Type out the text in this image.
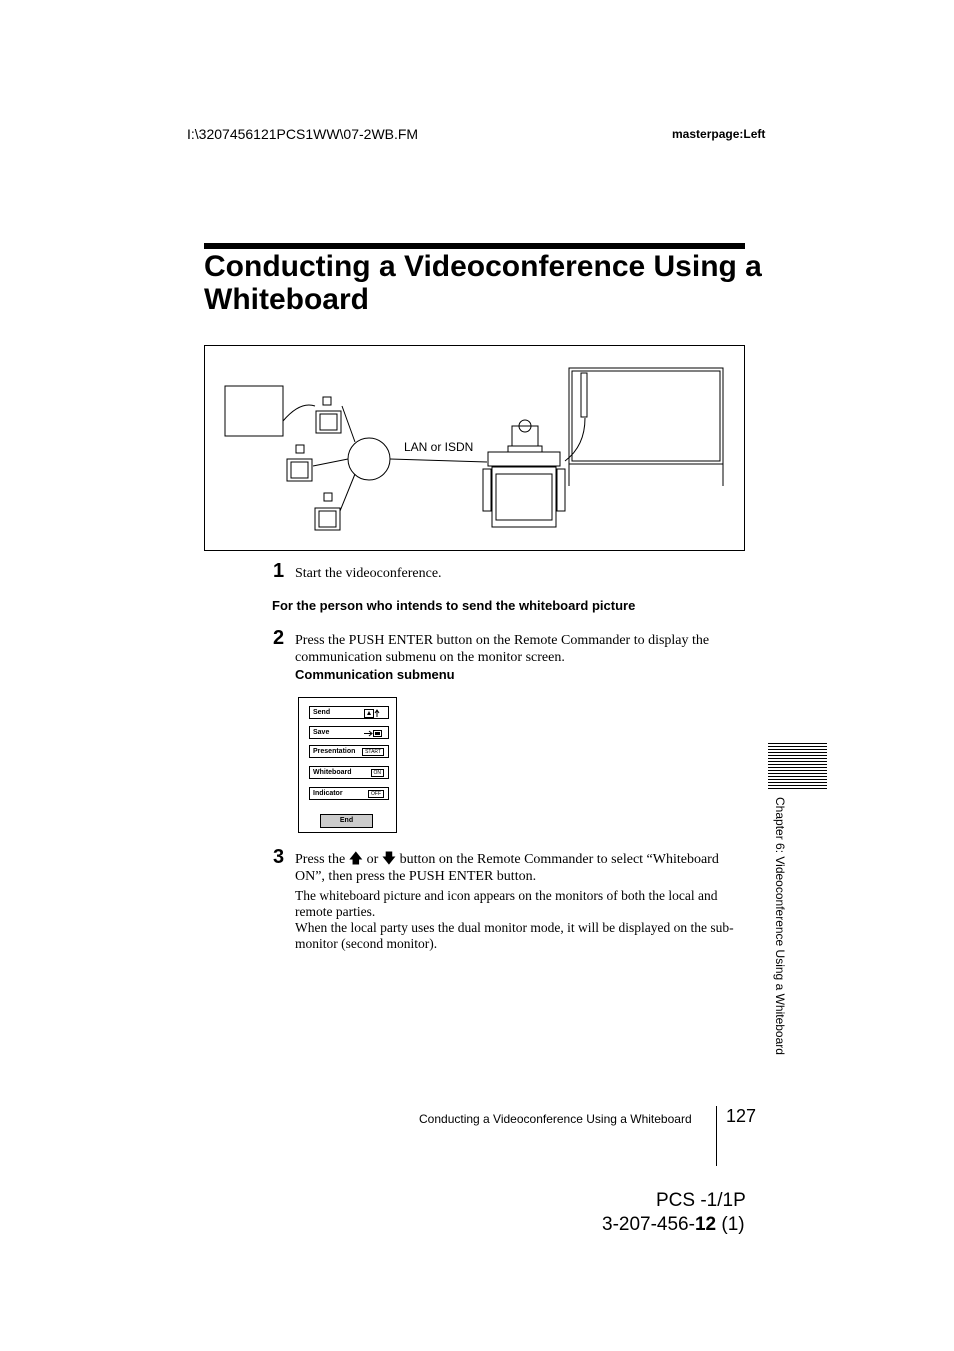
I:\3207456121PCS1WW\07-2WB.FM	masterpage:Left
Conducting a Videoconference Using a Whiteboard
LAN or ISDN
1 Start the videoconference.
For the person who intends to send the whiteboard picture
2 Press the PUSH ENTER button on the Remote Commander to display the communication submenu on the monitor screen.
Communication submenu
Send
Save
Presentation	START
Whiteboard	ON
Indicator	OFF
End
3 Press the 🡅 or 🡇 button on the Remote Commander to select “Whiteboard ON”, then press the PUSH ENTER button.
The whiteboard picture and icon appears on the monitors of both the local and remote parties.
When the local party uses the dual monitor mode, it will be displayed on the sub-monitor (second monitor).	Chapter 6: Videoconference Using a Whiteboard
Conducting a Videoconference Using a Whiteboard 127
PCS -1/1P
3-207-456-12 (1)
